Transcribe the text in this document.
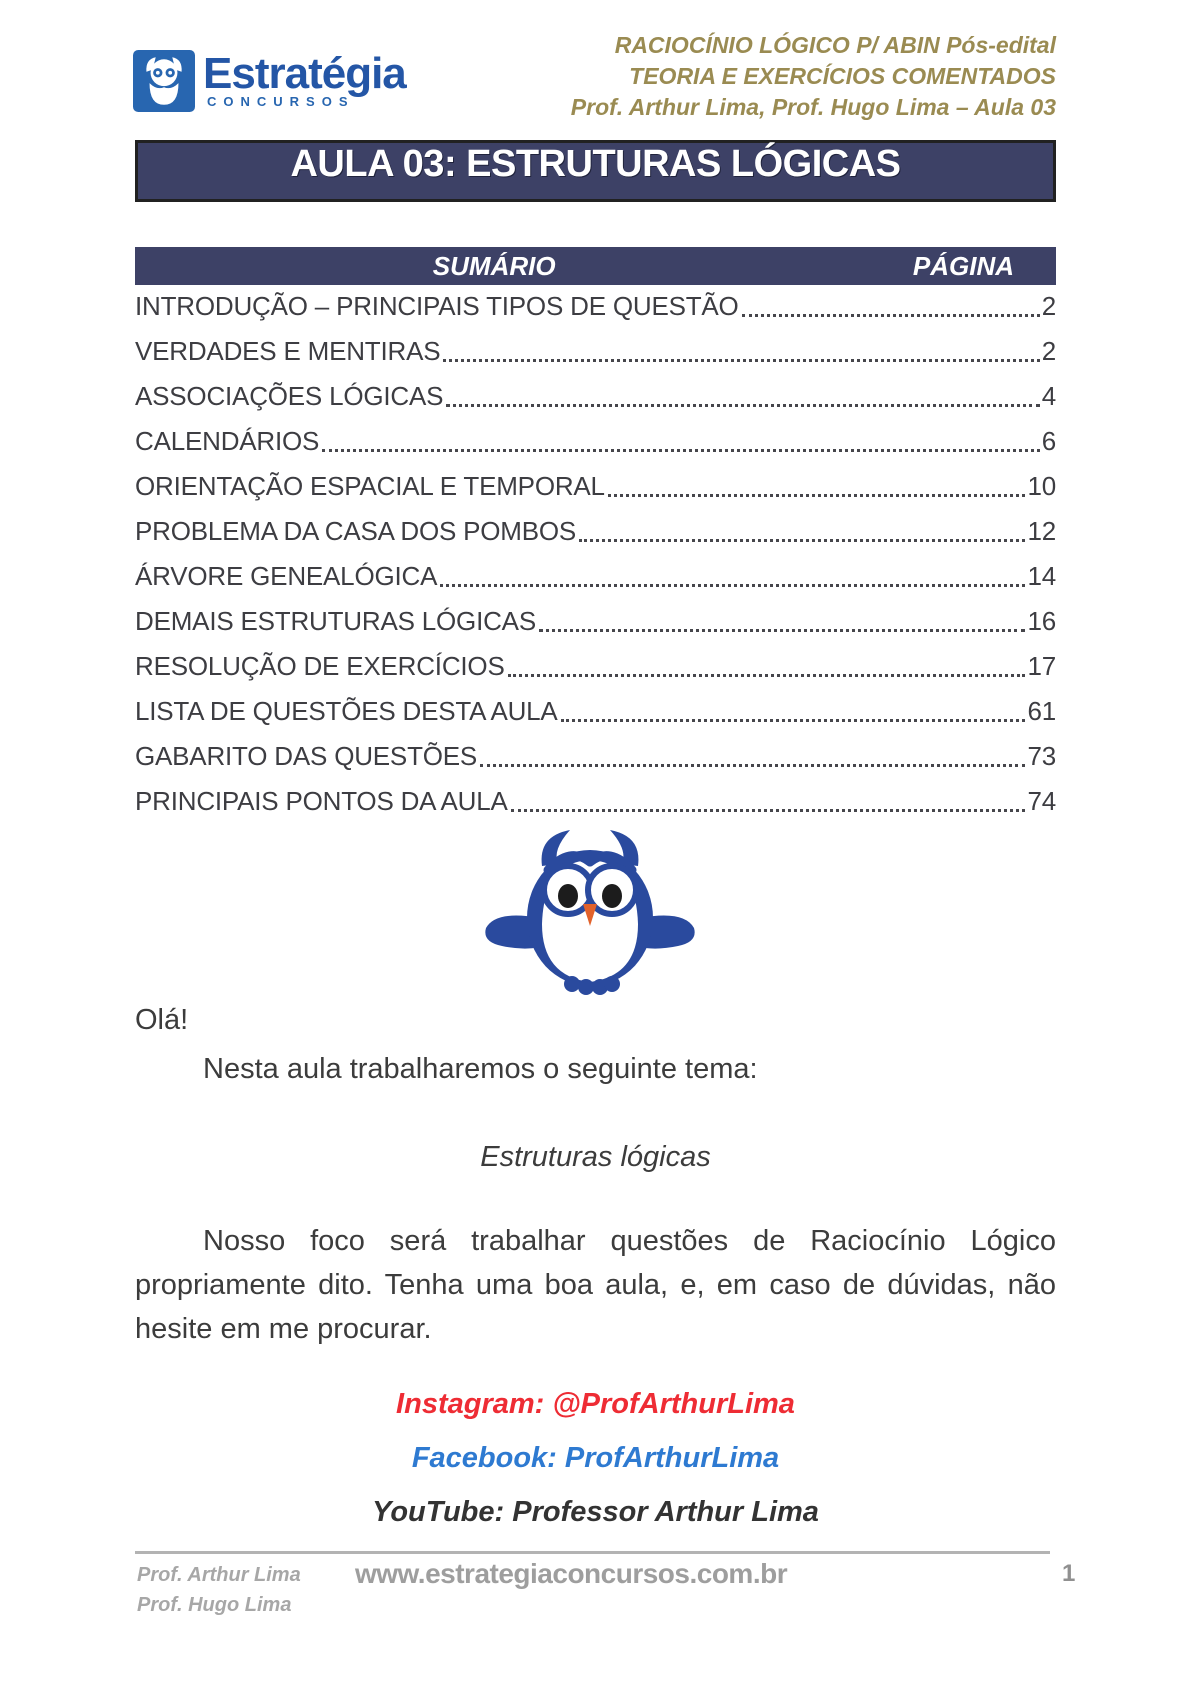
Estratégia
CONCURSOS
RACIOCÍNIO LÓGICO P/ ABIN Pós-edital
TEORIA E EXERCÍCIOS COMENTADOS
Prof. Arthur Lima, Prof. Hugo Lima – Aula 03
AULA 03: ESTRUTURAS LÓGICAS
SUMÁRIO	PÁGINA
INTRODUÇÃO – PRINCIPAIS TIPOS DE QUESTÃO	2
VERDADES E MENTIRAS	2
ASSOCIAÇÕES LÓGICAS	4
CALENDÁRIOS	6
ORIENTAÇÃO ESPACIAL E TEMPORAL	10
PROBLEMA DA CASA DOS POMBOS	12
ÁRVORE GENEALÓGICA	14
DEMAIS ESTRUTURAS LÓGICAS	16
RESOLUÇÃO DE EXERCÍCIOS	17
LISTA DE QUESTÕES DESTA AULA	61
GABARITO DAS QUESTÕES	73
PRINCIPAIS PONTOS DA AULA	74
Olá!
Nesta aula trabalharemos o seguinte tema:
Estruturas lógicas
Nosso foco será trabalhar questões de Raciocínio Lógico propriamente dito. Tenha uma boa aula, e, em caso de dúvidas, não hesite em me procurar.
Instagram: @ProfArthurLima
Facebook: ProfArthurLima
YouTube: Professor Arthur Lima
Prof. Arthur Lima
Prof. Hugo Lima
www.estrategiaconcursos.com.br	1
